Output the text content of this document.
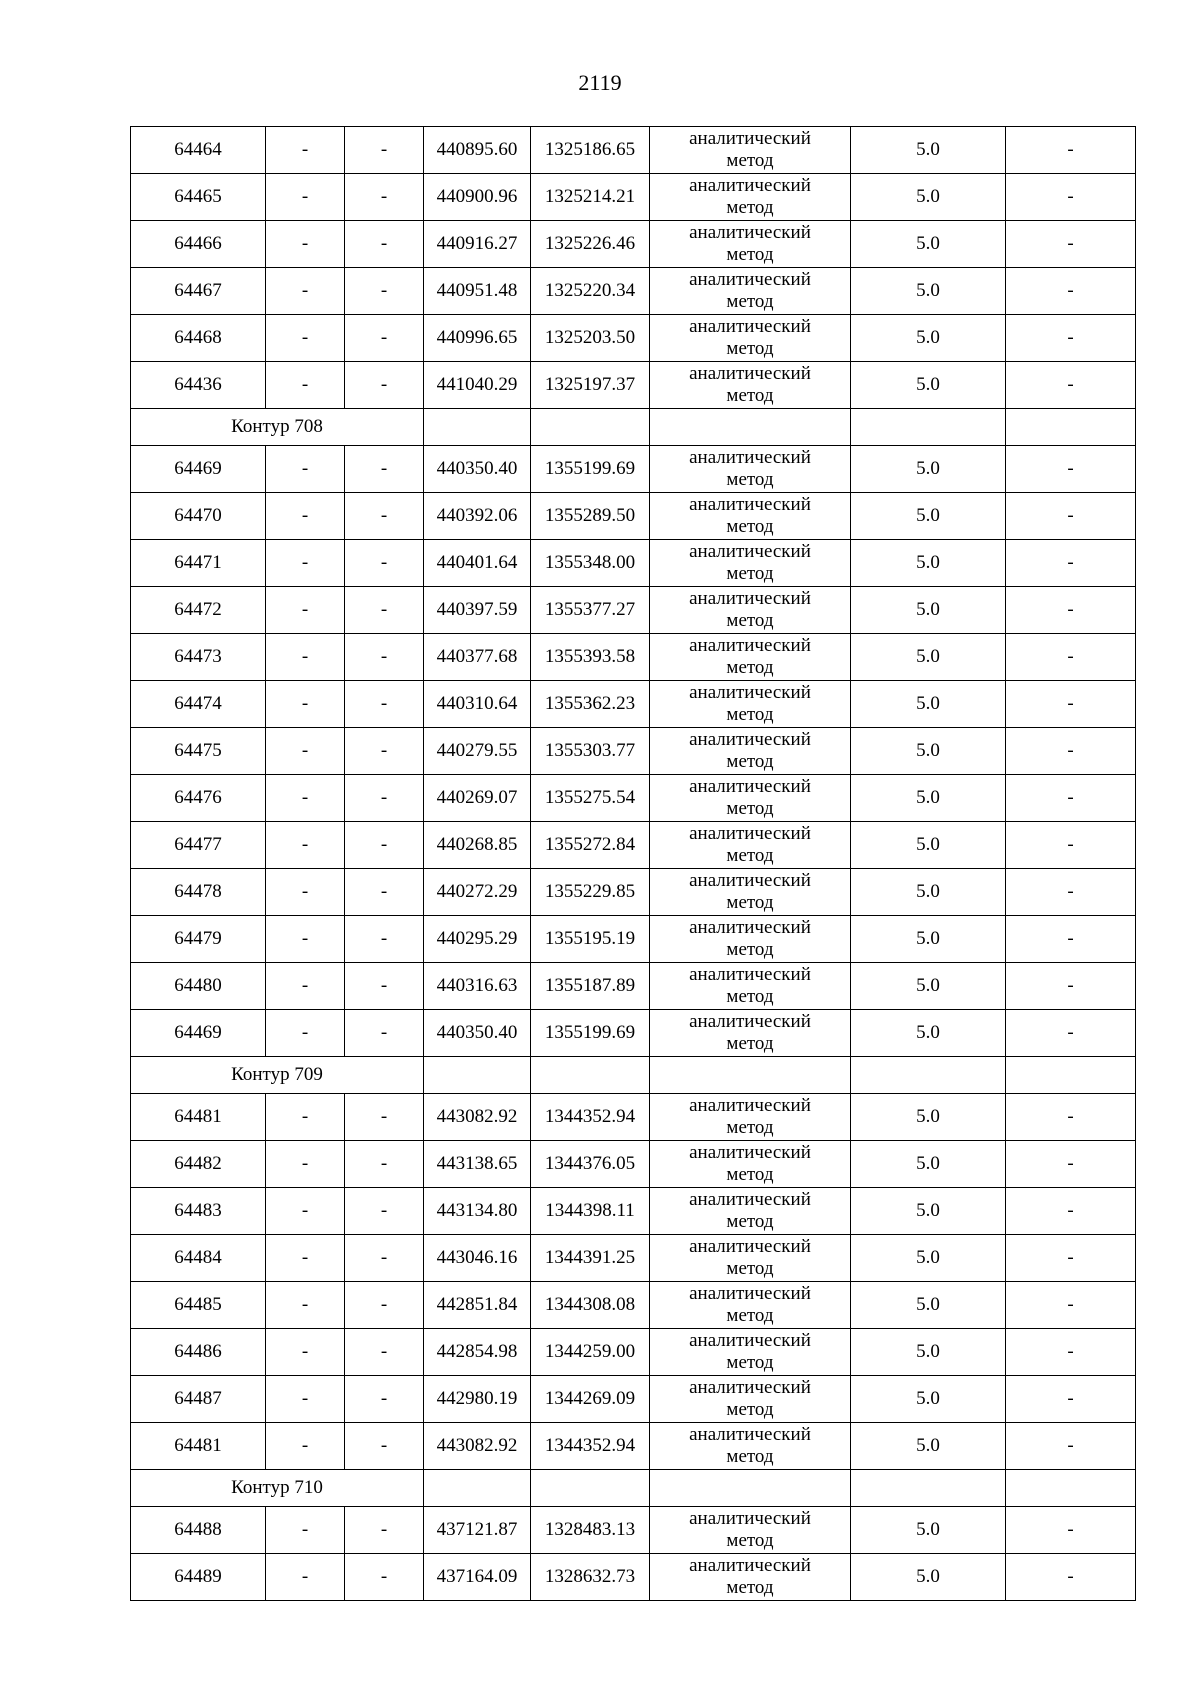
2119
64464	-	-	440895.60	1325186.65	аналитический
метод	5.0	-
64465	-	-	440900.96	1325214.21	аналитический
метод	5.0	-
64466	-	-	440916.27	1325226.46	аналитический
метод	5.0	-
64467	-	-	440951.48	1325220.34	аналитический
метод	5.0	-
64468	-	-	440996.65	1325203.50	аналитический
метод	5.0	-
64436	-	-	441040.29	1325197.37	аналитический
метод	5.0	-
Контур 708							
64469	-	-	440350.40	1355199.69	аналитический
метод	5.0	-
64470	-	-	440392.06	1355289.50	аналитический
метод	5.0	-
64471	-	-	440401.64	1355348.00	аналитический
метод	5.0	-
64472	-	-	440397.59	1355377.27	аналитический
метод	5.0	-
64473	-	-	440377.68	1355393.58	аналитический
метод	5.0	-
64474	-	-	440310.64	1355362.23	аналитический
метод	5.0	-
64475	-	-	440279.55	1355303.77	аналитический
метод	5.0	-
64476	-	-	440269.07	1355275.54	аналитический
метод	5.0	-
64477	-	-	440268.85	1355272.84	аналитический
метод	5.0	-
64478	-	-	440272.29	1355229.85	аналитический
метод	5.0	-
64479	-	-	440295.29	1355195.19	аналитический
метод	5.0	-
64480	-	-	440316.63	1355187.89	аналитический
метод	5.0	-
64469	-	-	440350.40	1355199.69	аналитический
метод	5.0	-
Контур 709							
64481	-	-	443082.92	1344352.94	аналитический
метод	5.0	-
64482	-	-	443138.65	1344376.05	аналитический
метод	5.0	-
64483	-	-	443134.80	1344398.11	аналитический
метод	5.0	-
64484	-	-	443046.16	1344391.25	аналитический
метод	5.0	-
64485	-	-	442851.84	1344308.08	аналитический
метод	5.0	-
64486	-	-	442854.98	1344259.00	аналитический
метод	5.0	-
64487	-	-	442980.19	1344269.09	аналитический
метод	5.0	-
64481	-	-	443082.92	1344352.94	аналитический
метод	5.0	-
Контур 710							
64488	-	-	437121.87	1328483.13	аналитический
метод	5.0	-
64489	-	-	437164.09	1328632.73	аналитический
метод	5.0	-
